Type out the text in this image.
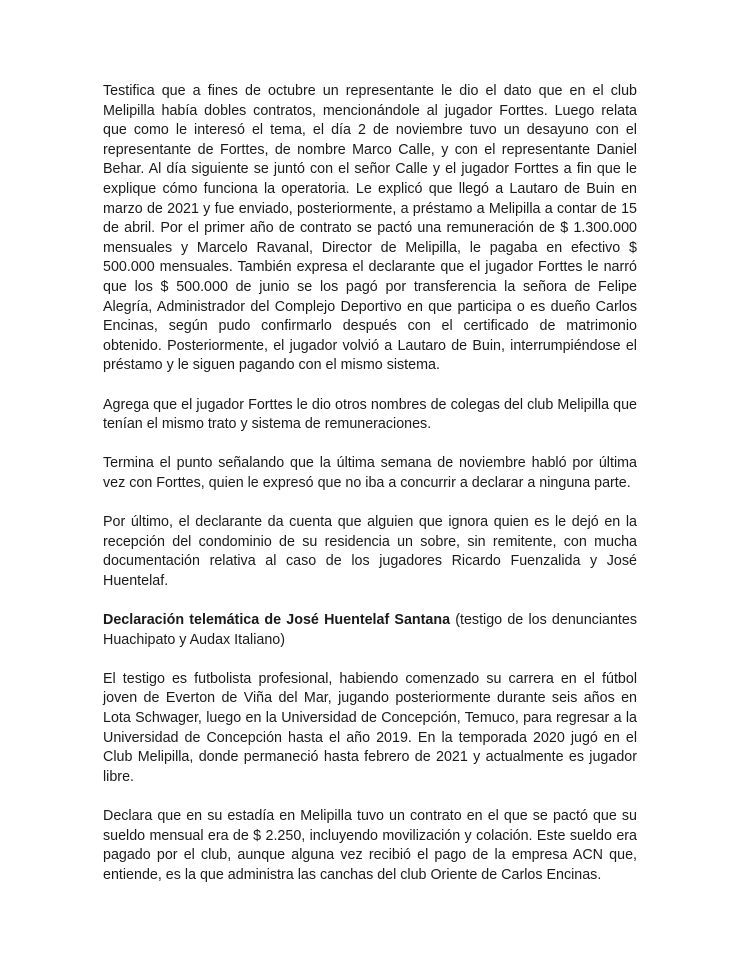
Testifica que a fines de octubre un representante le dio el dato que en el club Melipilla había dobles contratos, mencionándole al jugador Forttes. Luego relata que como le interesó el tema, el día 2 de noviembre tuvo un desayuno con el representante de Forttes, de nombre Marco Calle, y con el representante Daniel Behar. Al día siguiente se juntó con el señor Calle y el jugador Forttes a fin que le explique cómo funciona la operatoria. Le explicó que llegó a Lautaro de Buin en marzo de 2021 y fue enviado, posteriormente, a préstamo a Melipilla a contar de 15 de abril. Por el primer año de contrato se pactó una remuneración de $ 1.300.000 mensuales y Marcelo Ravanal, Director de Melipilla, le pagaba en efectivo $ 500.000 mensuales. También expresa el declarante que el jugador Forttes le narró que los $ 500.000 de junio se los pagó por transferencia la señora de Felipe Alegría, Administrador del Complejo Deportivo en que participa o es dueño Carlos Encinas, según pudo confirmarlo después con el certificado de matrimonio obtenido. Posteriormente, el jugador volvió a Lautaro de Buin, interrumpiéndose el préstamo y le siguen pagando con el mismo sistema.

Agrega que el jugador Forttes le dio otros nombres de colegas del club Melipilla que tenían el mismo trato y sistema de remuneraciones.

Termina el punto señalando que la última semana de noviembre habló por última vez con Forttes, quien le expresó que no iba a concurrir a declarar a ninguna parte.

Por último, el declarante da cuenta que alguien que ignora quien es le dejó en la recepción del condominio de su residencia un sobre, sin remitente, con mucha documentación relativa al caso de los jugadores Ricardo Fuenzalida y José Huentelaf.

Declaración telemática de José Huentelaf Santana (testigo de los denunciantes Huachipato y Audax Italiano)

El testigo es futbolista profesional, habiendo comenzado su carrera en el fútbol joven de Everton de Viña del Mar, jugando posteriormente durante seis años en Lota Schwager, luego en la Universidad de Concepción, Temuco, para regresar a la Universidad de Concepción hasta el año 2019. En la temporada 2020 jugó en el Club Melipilla, donde permaneció hasta febrero de 2021 y actualmente es jugador libre.

Declara que en su estadía en Melipilla tuvo un contrato en el que se pactó que su sueldo mensual era de $ 2.250, incluyendo movilización y colación. Este sueldo era pagado por el club, aunque alguna vez recibió el pago de la empresa ACN que, entiende, es la que administra las canchas del club Oriente de Carlos Encinas.
